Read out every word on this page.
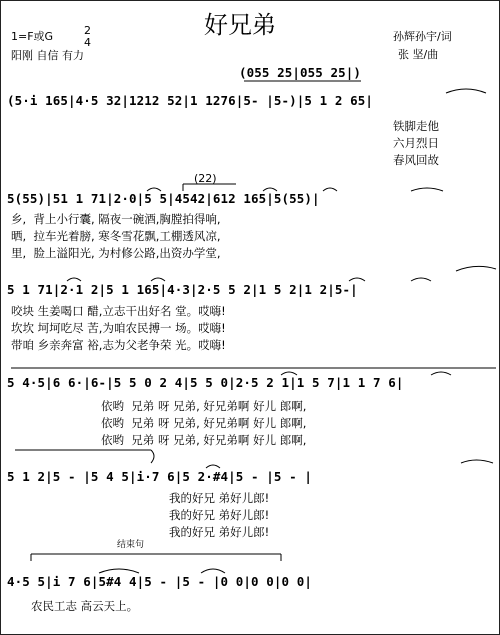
好兄弟
1=F或G	2
4
阳刚 自信 有力
孙辉孙宇/词
张 坚/曲
(055 25|055 25|)
(5·i 165|4·5 32|1212 52|1 1276|5- |5-)|5 1 2 65|
铁脚走他
六月烈日
春风回故
(22)
5(55)|51 1 71|2·0|5 5|4542|612 165|5(55)|
乡,  背上小行囊, 隔夜一碗酒,胸膛拍得响,
晒,  拉车光着膀, 寒冬雪花飘,工棚透风凉,
里,  脸上溢阳光, 为村修公路,出资办学堂,
5 1 71|2·1 2|5 1 165|4·3|2·5 5 2|1 5 2|1 2|5-|
咬块 生姜喝口 醋,立志干出好名 堂。哎嗨!
坎坎 坷坷吃尽 苦,为咱农民搏一 场。哎嗨!
带咱 乡亲奔富 裕,志为父老争荣 光。哎嗨!
5 4·5|6 6·|6-|5 5 0 2 4|5 5 0|2·5 2 1|1 5 7|1 1 7 6|
依哟  兄弟 呀 兄弟, 好兄弟啊 好儿 郎啊,
依哟  兄弟 呀 兄弟, 好兄弟啊 好儿 郎啊,
依哟  兄弟 呀 兄弟, 好兄弟啊 好儿 郎啊,
5 1 2|5 - |5 4 5|i·7 6|5 2·#4|5 - |5 - |
我的好兄 弟好儿郎!
我的好兄 弟好儿郎!
我的好兄 弟好儿郎!
结束句
4·5 5|i 7 6|5#4 4|5 - |5 - |0 0|0 0|0 0|
农民工志 高云天上。
